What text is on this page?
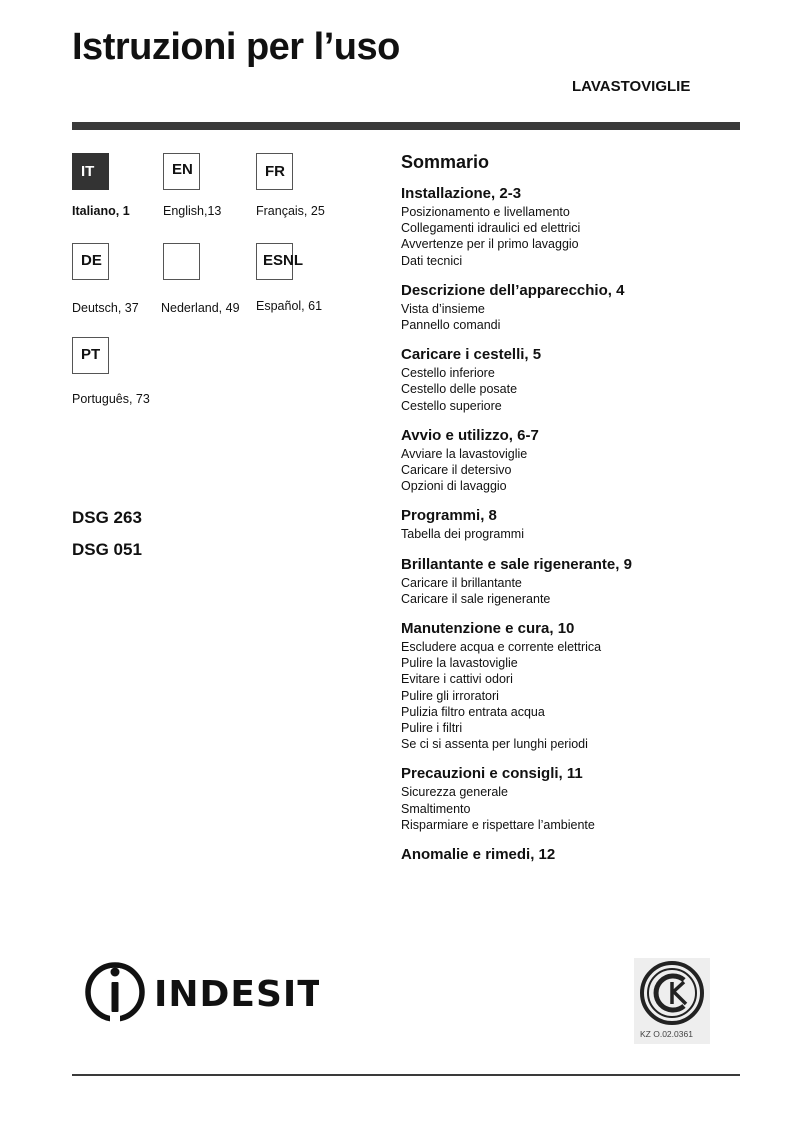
Istruzioni per l’uso
LAVASTOVIGLIE
IT
Italiano, 1
EN
English,13
FR
Français, 25
DE
Deutsch, 37 Nederland, 49
ESNL
Español, 61
PT
Português, 73
DSG 263
DSG 051
Sommario
Installazione, 2-3
Posizionamento e livellamento
Collegamenti idraulici ed elettrici
Avvertenze per il primo lavaggio
Dati tecnici
Descrizione dell’apparecchio, 4
Vista d’insieme
Pannello comandi
Caricare i cestelli, 5
Cestello inferiore
Cestello delle posate
Cestello superiore
Avvio e utilizzo, 6-7
Avviare la lavastoviglie
Caricare il detersivo
Opzioni di lavaggio
Programmi, 8
Tabella dei programmi
Brillantante e sale rigenerante, 9
Caricare il brillantante
Caricare il sale rigenerante
Manutenzione e cura, 10
Escludere acqua e corrente elettrica
Pulire la lavastoviglie
Evitare i cattivi odori
Pulire gli irroratori
Pulizia filtro entrata acqua
Pulire i filtri
Se ci si assenta per lunghi periodi
Precauzioni e consigli, 11
Sicurezza generale
Smaltimento
Risparmiare e rispettare l’ambiente
Anomalie e rimedi, 12
INDESIT
KZ O.02.0361
